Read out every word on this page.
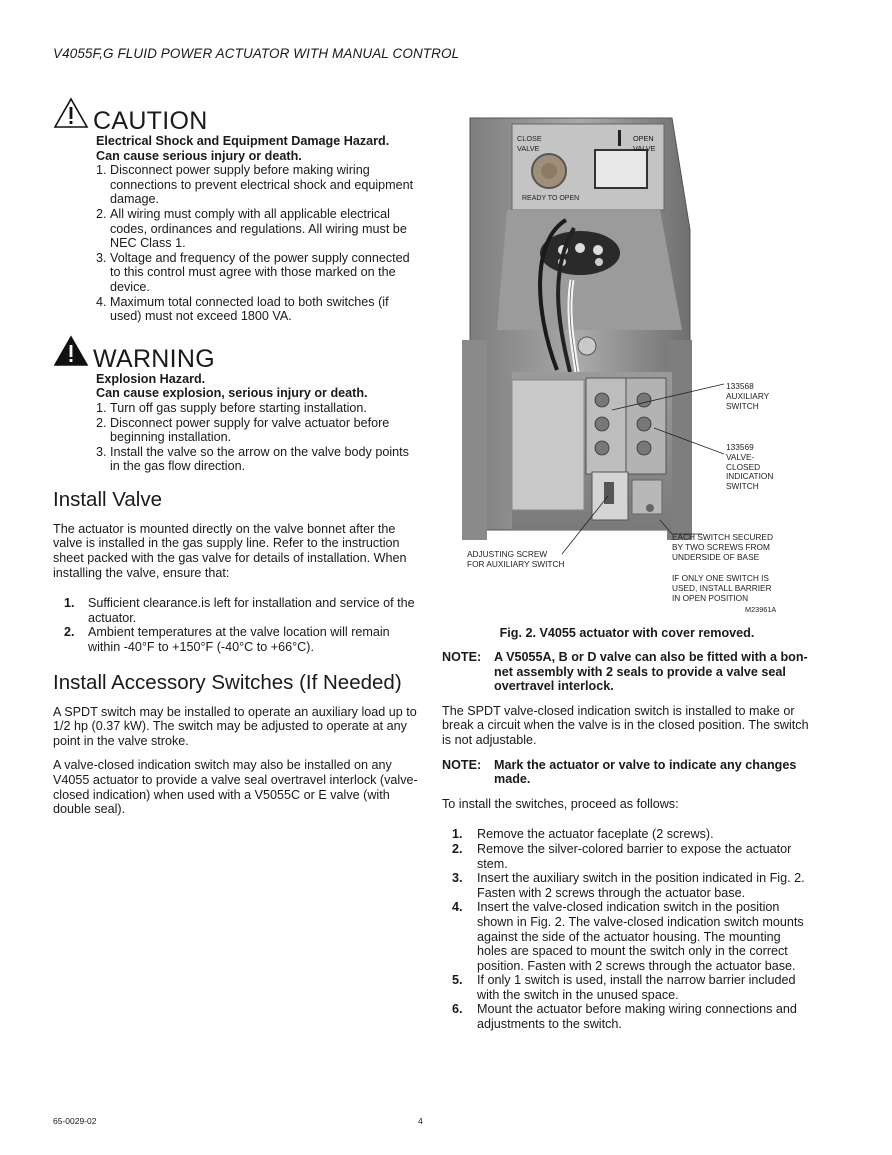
V4055F,G FLUID POWER ACTUATOR WITH MANUAL CONTROL
CAUTION
Electrical Shock and Equipment Damage Hazard.
Can cause serious injury or death.
1. Disconnect power supply before making wiring connections to prevent electrical shock and equipment damage.
2. All wiring must comply with all applicable electrical codes, ordinances and regulations. All wiring must be NEC Class 1.
3. Voltage and frequency of the power supply connected to this control must agree with those marked on the device.
4. Maximum total connected load to both switches (if used) must not exceed 1800 VA.
WARNING
Explosion Hazard.
Can cause explosion, serious injury or death.
1. Turn off gas supply before starting installation.
2. Disconnect power supply for valve actuator before beginning installation.
3. Install the valve so the arrow on the valve body points in the gas flow direction.
Install Valve

The actuator is mounted directly on the valve bonnet after the valve is installed in the gas supply line. Refer to the instruction sheet packed with the gas valve for details of installation. When installing the valve, ensure that:

1. Sufficient clearance.is left for installation and service of the actuator.
2. Ambient temperatures at the valve location will remain within -40°F to +150°F (-40°C to +66°C).
Install Accessory Switches (If Needed)

A SPDT switch may be installed to operate an auxiliary load up to 1/2 hp (0.37 kW). The switch may be adjusted to operate at any point in the valve stroke.

A valve-closed indication switch may also be installed on any V4055 actuator to provide a valve seal overtravel interlock (valve-closed indication) when used with a V5055C or E valve (with double seal).

CLOSE
VALVE
OPEN
VALVE
READY TO OPEN
133568
AUXILIARY
SWITCH
133569
VALVE-
CLOSED
INDICATION
SWITCH
EACH SWITCH SECURED
BY TWO SCREWS FROM
UNDERSIDE OF BASE
IF ONLY ONE SWITCH IS
USED, INSTALL BARRIER
IN OPEN POSITION
ADJUSTING SCREW
FOR AUXILIARY SWITCH
M23961A
Fig. 2. V4055 actuator with cover removed.
NOTE:	A V5055A, B or D valve can also be fitted with a bon-net assembly with 2 seals to provide a valve seal overtravel interlock.

The SPDT valve-closed indication switch is installed to make or break a circuit when the valve is in the closed position. The switch is not adjustable.

NOTE:	Mark the actuator or valve to indicate any changes made.

To install the switches, proceed as follows:

1. Remove the actuator faceplate (2 screws).
2. Remove the silver-colored barrier to expose the actuator stem.
3. Insert the auxiliary switch in the position indicated in Fig. 2. Fasten with 2 screws through the actuator base.
4. Insert the valve-closed indication switch in the position shown in Fig. 2. The valve-closed indication switch mounts against the side of the actuator housing. The mounting holes are spaced to mount the switch only in the correct position. Fasten with 2 screws through the actuator base.
5. If only 1 switch is used, install the narrow barrier included with the switch in the unused space.
6. Mount the actuator before making wiring connections and adjustments to the switch.
65-0029-02	4
